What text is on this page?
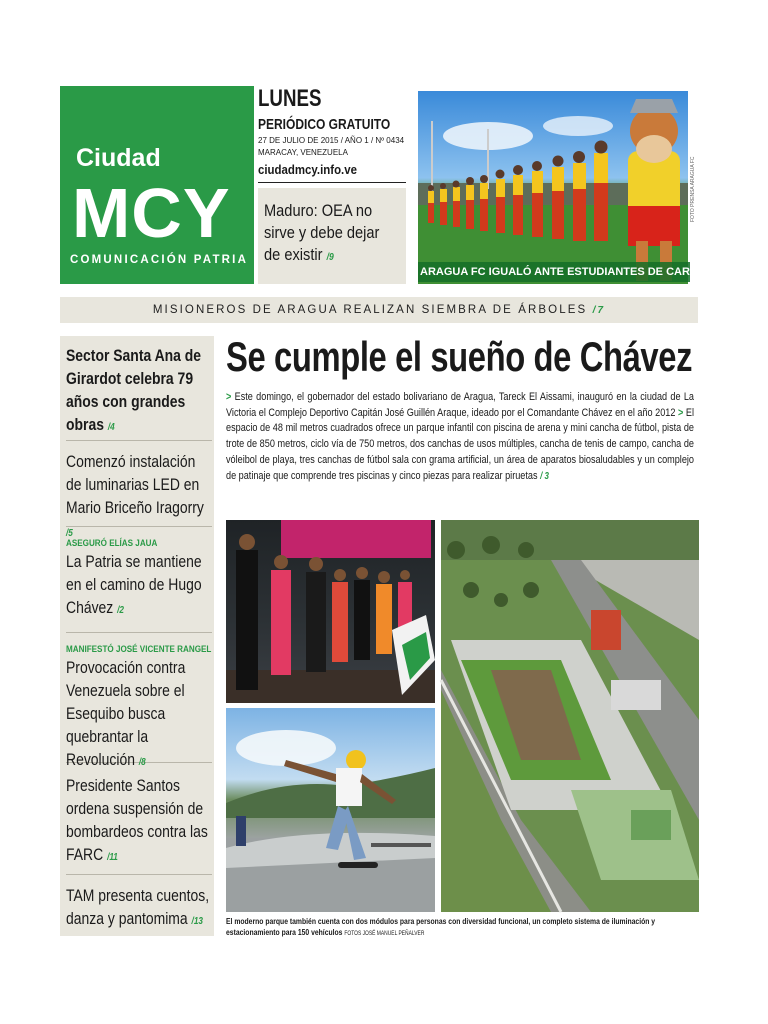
Ciudad
MCY
COMUNICACIÓN PATRIA
LUNES
PERIÓDICO GRATUITO
27 DE JULIO DE 2015 / AÑO 1 / Nº 0434
MARACAY, VENEZUELA
ciudadmcy.info.ve
Maduro: OEA no sirve y debe dejar de existir /9
ARAGUA FC IGUALÓ ANTE ESTUDIANTES DE CARACAS /15
FOTO PRENSA ARAGUA FC
MISIONEROS DE ARAGUA REALIZAN SIEMBRA DE ÁRBOLES /7
Sector Santa Ana de Girardot celebra 79 años con grandes obras /4
Comenzó instalación de luminarias LED en Mario Briceño Iragorry /5
ASEGURÓ ELÍAS JAUA
La Patria se mantiene en el camino de Hugo Chávez /2
MANIFESTÓ JOSÉ VICENTE RANGEL
Provocación contra Venezuela sobre el Esequibo busca quebrantar la Revolución /8
Presidente Santos ordena suspensión de bombardeos contra las FARC /11
TAM presenta cuentos, danza y pantomima /13
Se cumple el sueño de Chávez
> Este domingo, el gobernador del estado bolivariano de Aragua, Tareck El Aissami, inauguró en la ciudad de La Victoria el Complejo Deportivo Capitán José Guillén Araque, ideado por el Comandante Chávez en el año 2012 > El espacio de 48 mil metros cuadrados ofrece un parque infantil con piscina de arena y mini cancha de fútbol, pista de trote de 850 metros, ciclo vía de 750 metros, dos canchas de usos múltiples, cancha de tenis de campo, cancha de vóleibol de playa, tres canchas de fútbol sala con grama artificial, un área de aparatos biosaludables y un complejo de patinaje que comprende tres piscinas y cinco piezas para realizar piruetas / 3
El moderno parque también cuenta con dos módulos para personas con diversidad funcional, un completo sistema de iluminación y estacionamiento para 150 vehículos FOTOS JOSÉ MANUEL PEÑALVER
